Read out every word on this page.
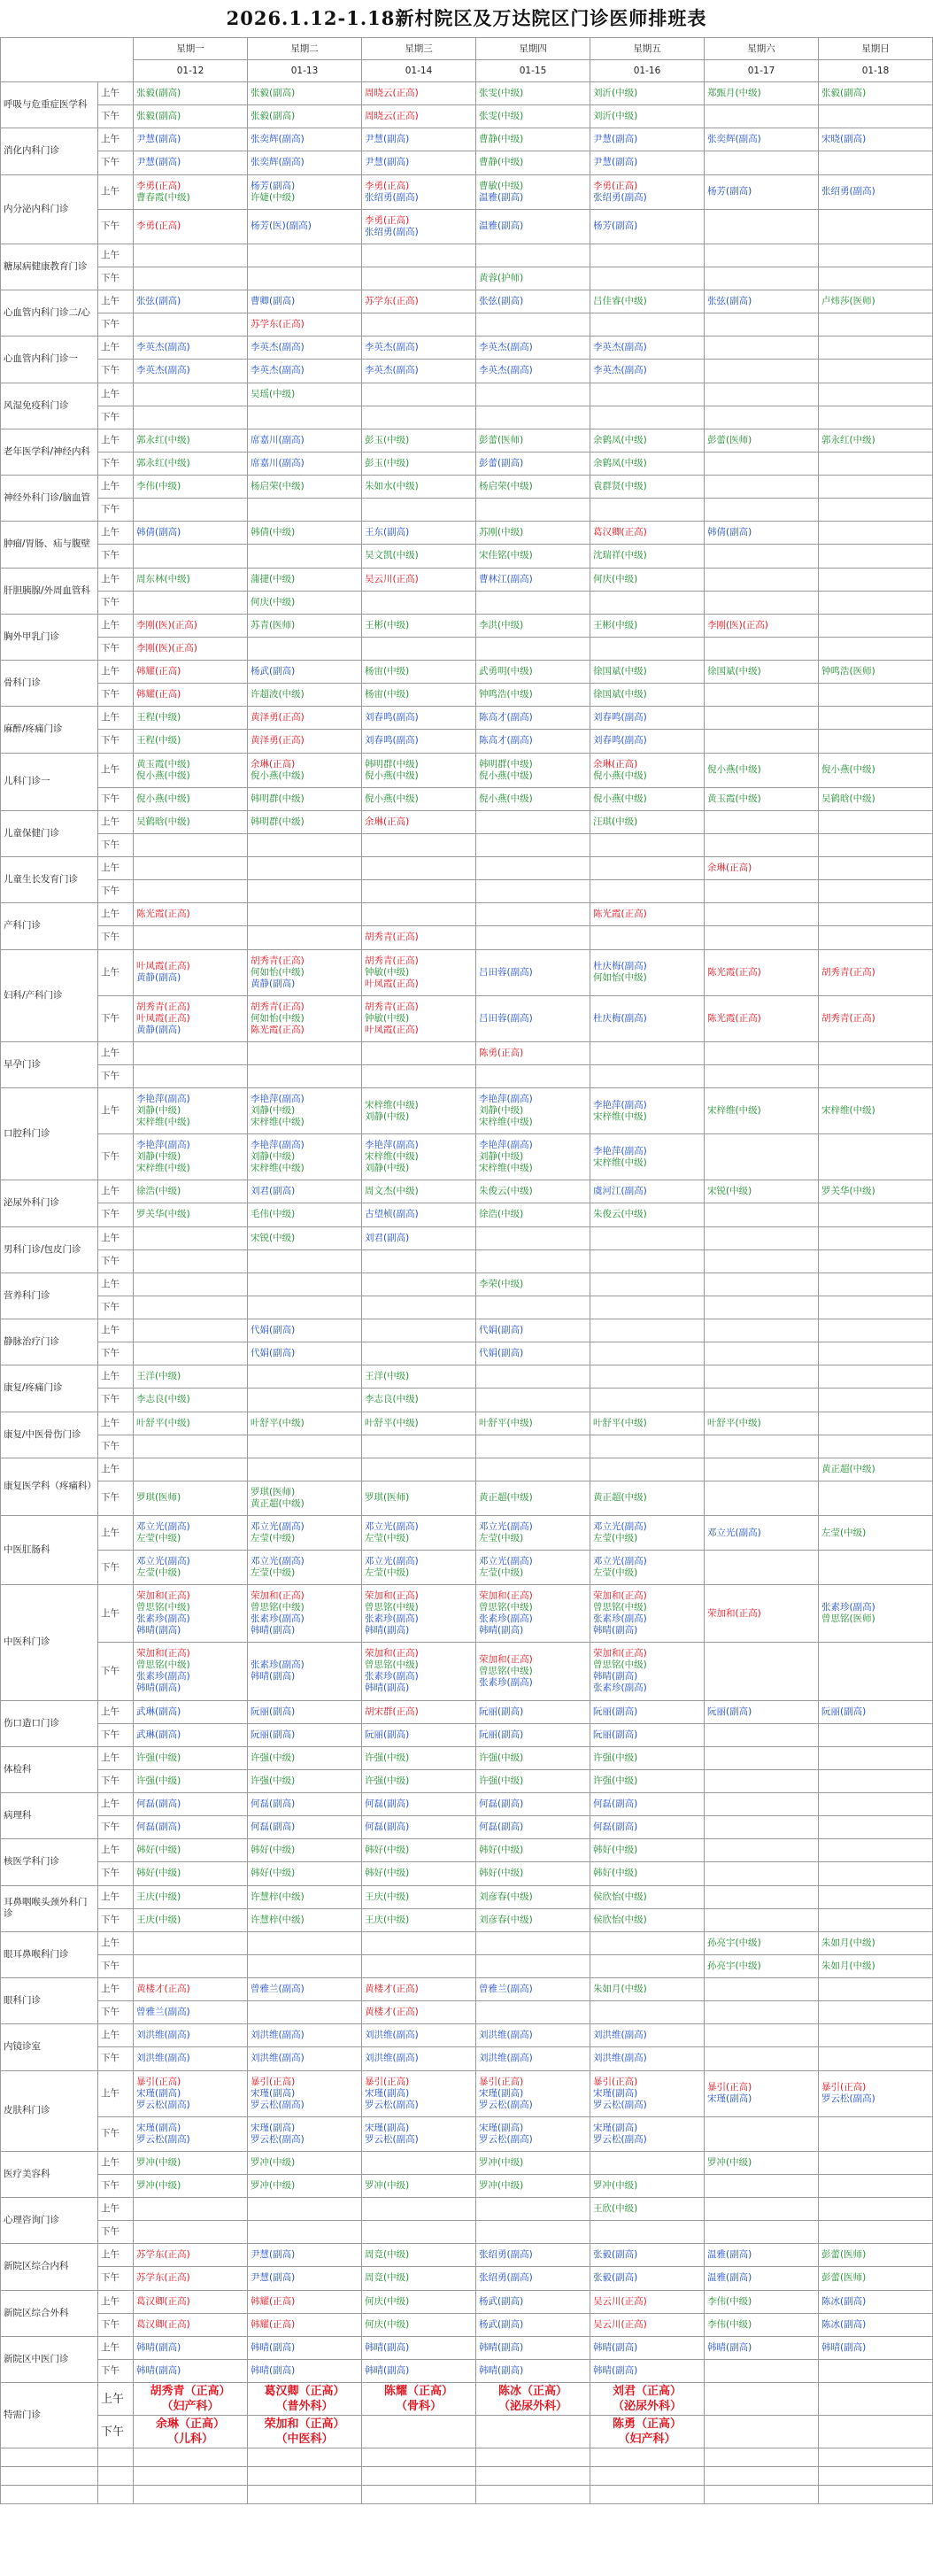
2026.1.12-1.18新村院区及万达院区门诊医师排班表
		星期一	星期二	星期三	星期四	星期五	星期六	星期日
		01-12	01-13	01-14	01-15	01-16	01-17	01-18
呼吸与危重症医学科	上午	张毅(副高)	张毅(副高)	周晓云(正高)	张雯(中级)	刘沂(中级)	郑甄月(中级)	张毅(副高)

	下午	张毅(副高)	张毅(副高)	周晓云(正高)	张雯(中级)	刘沂(中级)		

消化内科门诊	上午	尹慧(副高)	张奕辉(副高)	尹慧(副高)	曹静(中级)	尹慧(副高)	张奕辉(副高)	宋晓(副高)

	下午	尹慧(副高)	张奕辉(副高)	尹慧(副高)	曹静(中级)	尹慧(副高)		

内分泌内科门诊	上午	李勇(正高)
曹春霞(中级)	杨芳(副高)
许婕(中级)	李勇(正高)
张绍勇(副高)	曹敏(中级)
温雅(副高)	李勇(正高)
张绍勇(副高)	杨芳(副高)	张绍勇(副高)

	下午	李勇(正高)	杨芳(医)(副高)	李勇(正高)
张绍勇(副高)	温雅(副高)	杨芳(副高)		

糖尿病健康教育门诊	上午							
	下午				黄蓉(护师)			

心血管内科门诊二/心	上午	张弦(副高)	曹卿(副高)	苏学东(正高)	张弦(副高)	吕佳睿(中级)	张弦(副高)	卢炜莎(医师)

	下午		苏学东(正高)					

心血管内科门诊一	上午	李英杰(副高)	李英杰(副高)	李英杰(副高)	李英杰(副高)	李英杰(副高)		

	下午	李英杰(副高)	李英杰(副高)	李英杰(副高)	李英杰(副高)	李英杰(副高)		

风湿免疫科门诊	上午		吴瑶(中级)					

	下午							
老年医学科/神经内科	上午	郭永红(中级)	席嘉川(副高)	彭玉(中级)	彭蕾(医师)	余鹤凤(中级)	彭蕾(医师)	郭永红(中级)

	下午	郭永红(中级)	席嘉川(副高)	彭玉(中级)	彭蕾(副高)	余鹤凤(中级)		

神经外科门诊/脑血管	上午	李伟(中级)	杨启荣(中级)	朱如水(中级)	杨启荣(中级)	袁群贤(中级)		

	下午							
肿瘤/胃肠、疝与腹壁	上午	韩倩(副高)	韩倩(中级)	王东(副高)	苏刚(中级)	葛汉卿(正高)	韩倩(副高)	

	下午			吴文凯(中级)	宋佳铭(中级)	沈瑞祥(中级)		

肝胆胰腺/外周血管科	上午	周东林(中级)	蒲捷(中级)	吴云川(正高)	曹林江(副高)	何庆(中级)		

	下午		何庆(中级)					

胸外甲乳门诊	上午	李刚(医)(正高)	苏青(医师)	王彬(中级)	李洪(中级)	王彬(中级)	李刚(医)(正高)	

	下午	李刚(医)(正高)						

骨科门诊	上午	韩耀(正高)	杨武(副高)	杨宙(中级)	武勇明(中级)	徐国斌(中级)	徐国斌(中级)	钟鸣浩(医师)

	下午	韩耀(正高)	许超波(中级)	杨宙(中级)	钟鸣浩(中级)	徐国斌(中级)		

麻醉/疼痛门诊	上午	王程(中级)	黄泽勇(正高)	刘春鸣(副高)	陈高才(副高)	刘春鸣(副高)		

	下午	王程(中级)	黄泽勇(正高)	刘春鸣(副高)	陈高才(副高)	刘春鸣(副高)		

儿科门诊一	上午	黄玉霞(中级)
倪小燕(中级)	余琳(正高)
倪小燕(中级)	韩明群(中级)
倪小燕(中级)	韩明群(中级)
倪小燕(中级)	余琳(正高)
倪小燕(中级)	倪小燕(中级)	倪小燕(中级)

	下午	倪小燕(中级)	韩明群(中级)	倪小燕(中级)	倪小燕(中级)	倪小燕(中级)	黄玉霞(中级)	吴鹤晗(中级)

儿童保健门诊	上午	吴鹤晗(中级)	韩明群(中级)	余琳(正高)		汪琪(中级)		

	下午							
儿童生长发育门诊	上午						余琳(正高)	

	下午							
产科门诊	上午	陈光霞(正高)				陈光霞(正高)		

	下午			胡秀青(正高)				

妇科/产科门诊	上午	叶凤霞(正高)
黄静(副高)	胡秀青(正高)
何如怡(中级)
黄静(副高)	胡秀青(正高)
钟敏(中级)
叶凤霞(正高)	吕田蓉(副高)	杜庆梅(副高)
何如怡(中级)	陈光霞(正高)	胡秀青(正高)

	下午	胡秀青(正高)
叶凤霞(正高)
黄静(副高)	胡秀青(正高)
何如怡(中级)
陈光霞(正高)	胡秀青(正高)
钟敏(中级)
叶凤霞(正高)	吕田蓉(副高)	杜庆梅(副高)	陈光霞(正高)	胡秀青(正高)

早孕门诊	上午				陈勇(正高)			

	下午							
口腔科门诊	上午	李艳萍(副高)
刘静(中级)
宋梓维(中级)	李艳萍(副高)
刘静(中级)
宋梓维(中级)	宋梓维(中级)
刘静(中级)	李艳萍(副高)
刘静(中级)
宋梓维(中级)	李艳萍(副高)
宋梓维(中级)	宋梓维(中级)	宋梓维(中级)

	下午	李艳萍(副高)
刘静(中级)
宋梓维(中级)	李艳萍(副高)
刘静(中级)
宋梓维(中级)	李艳萍(副高)
宋梓维(中级)
刘静(中级)	李艳萍(副高)
刘静(中级)
宋梓维(中级)	李艳萍(副高)
宋梓维(中级)		

泌尿外科门诊	上午	徐浩(中级)	刘君(副高)	周文杰(中级)	朱俊云(中级)	虞河江(副高)	宋锐(中级)	罗关华(中级)

	下午	罗关华(中级)	毛伟(中级)	古望桢(副高)	徐浩(中级)	朱俊云(中级)		

男科门诊/包皮门诊	上午		宋锐(中级)	刘君(副高)				

	下午							
营养科门诊	上午				李荣(中级)			

	下午							
静脉治疗门诊	上午		代娟(副高)		代娟(副高)			

	下午		代娟(副高)		代娟(副高)			

康复/疼痛门诊	上午	王洋(中级)		王洋(中级)				

	下午	李志良(中级)		李志良(中级)				

康复/中医骨伤门诊	上午	叶舒平(中级)	叶舒平(中级)	叶舒平(中级)	叶舒平(中级)	叶舒平(中级)	叶舒平(中级)	

	下午							
康复医学科（疼痛科）	上午							黄正超(中级)

	下午	罗琪(医师)	罗琪(医师)
黄正超(中级)	罗琪(医师)	黄正超(中级)	黄正超(中级)		

中医肛肠科	上午	邓立光(副高)
左莹(中级)	邓立光(副高)
左莹(中级)	邓立光(副高)
左莹(中级)	邓立光(副高)
左莹(中级)	邓立光(副高)
左莹(中级)	邓立光(副高)	左莹(中级)

	下午	邓立光(副高)
左莹(中级)	邓立光(副高)
左莹(中级)	邓立光(副高)
左莹(中级)	邓立光(副高)
左莹(中级)	邓立光(副高)
左莹(中级)		

中医科门诊	上午	荣加和(正高)
曾思铭(中级)
张素珍(副高)
韩晴(副高)	荣加和(正高)
曾思铭(中级)
张素珍(副高)
韩晴(副高)	荣加和(正高)
曾思铭(中级)
张素珍(副高)
韩晴(副高)	荣加和(正高)
曾思铭(中级)
张素珍(副高)
韩晴(副高)	荣加和(正高)
曾思铭(中级)
张素珍(副高)
韩晴(副高)	荣加和(正高)	张素珍(副高)
曾思铭(医师)

	下午	荣加和(正高)
曾思铭(中级)
张素珍(副高)
韩晴(副高)	张素珍(副高)
韩晴(副高)	荣加和(正高)
曾思铭(中级)
张素珍(副高)
韩晴(副高)	荣加和(正高)
曾思铭(中级)
张素珍(副高)	荣加和(正高)
曾思铭(中级)
韩晴(副高)
张素珍(副高)		

伤口造口门诊	上午	武琳(副高)	阮丽(副高)	胡宋群(正高)	阮丽(副高)	阮丽(副高)	阮丽(副高)	阮丽(副高)

	下午	武琳(副高)	阮丽(副高)	阮丽(副高)	阮丽(副高)	阮丽(副高)		

体检科	上午	许强(中级)	许强(中级)	许强(中级)	许强(中级)	许强(中级)		

	下午	许强(中级)	许强(中级)	许强(中级)	许强(中级)	许强(中级)		

病理科	上午	何磊(副高)	何磊(副高)	何磊(副高)	何磊(副高)	何磊(副高)		

	下午	何磊(副高)	何磊(副高)	何磊(副高)	何磊(副高)	何磊(副高)		

核医学科门诊	上午	韩好(中级)	韩好(中级)	韩好(中级)	韩好(中级)	韩好(中级)		

	下午	韩好(中级)	韩好(中级)	韩好(中级)	韩好(中级)	韩好(中级)		

耳鼻咽喉头颈外科门诊	上午	王庆(中级)	许慧梓(中级)	王庆(中级)	刘彦春(中级)	侯欣怡(中级)		

	下午	王庆(中级)	许慧梓(中级)	王庆(中级)	刘彦春(中级)	侯欣怡(中级)		

眼耳鼻喉科门诊	上午						孙亮宇(中级)	朱如月(中级)

	下午						孙亮宇(中级)	朱如月(中级)

眼科门诊	上午	黄楼才(正高)	曾雅兰(副高)	黄楼才(正高)	曾雅兰(副高)	朱如月(中级)		

	下午	曾雅兰(副高)		黄楼才(正高)				

内镜诊室	上午	刘洪维(副高)	刘洪维(副高)	刘洪维(副高)	刘洪维(副高)	刘洪维(副高)		

	下午	刘洪维(副高)	刘洪维(副高)	刘洪维(副高)	刘洪维(副高)	刘洪维(副高)		

皮肤科门诊	上午	暴引(正高)
宋瑾(副高)
罗云松(副高)	暴引(正高)
宋瑾(副高)
罗云松(副高)	暴引(正高)
宋瑾(副高)
罗云松(副高)	暴引(正高)
宋瑾(副高)
罗云松(副高)	暴引(正高)
宋瑾(副高)
罗云松(副高)	暴引(正高)
宋瑾(副高)	暴引(正高)
罗云松(副高)

	下午	宋瑾(副高)
罗云松(副高)	宋瑾(副高)
罗云松(副高)	宋瑾(副高)
罗云松(副高)	宋瑾(副高)
罗云松(副高)	宋瑾(副高)
罗云松(副高)		

医疗美容科	上午	罗冲(中级)	罗冲(中级)		罗冲(中级)		罗冲(中级)	

	下午	罗冲(中级)	罗冲(中级)	罗冲(中级)	罗冲(中级)	罗冲(中级)		

心理咨询门诊	上午					王欣(中级)		

	下午							
新院区综合内科	上午	苏学东(正高)	尹慧(副高)	周竞(中级)	张绍勇(副高)	张毅(副高)	温雅(副高)	彭蕾(医师)

	下午	苏学东(正高)	尹慧(副高)	周竞(中级)	张绍勇(副高)	张毅(副高)	温雅(副高)	彭蕾(医师)

新院区综合外科	上午	葛汉卿(正高)	韩耀(正高)	何庆(中级)	杨武(副高)	吴云川(正高)	李伟(中级)	陈冰(副高)

	下午	葛汉卿(正高)	韩耀(正高)	何庆(中级)	杨武(副高)	吴云川(正高)	李伟(中级)	陈冰(副高)

新院区中医门诊	上午	韩晴(副高)	韩晴(副高)	韩晴(副高)	韩晴(副高)	韩晴(副高)	韩晴(副高)	韩晴(副高)

	下午	韩晴(副高)	韩晴(副高)	韩晴(副高)	韩晴(副高)	韩晴(副高)		

特需门诊	上午	胡秀青（正高）
（妇产科）	葛汉卿（正高）
（普外科）	陈耀（正高）
（骨科）	陈冰（正高）
（泌尿外科）	刘君（正高）
（泌尿外科）		

	下午	余琳（正高）
（儿科）	荣加和（正高）
（中医科）			陈勇（正高）
（妇产科）		
